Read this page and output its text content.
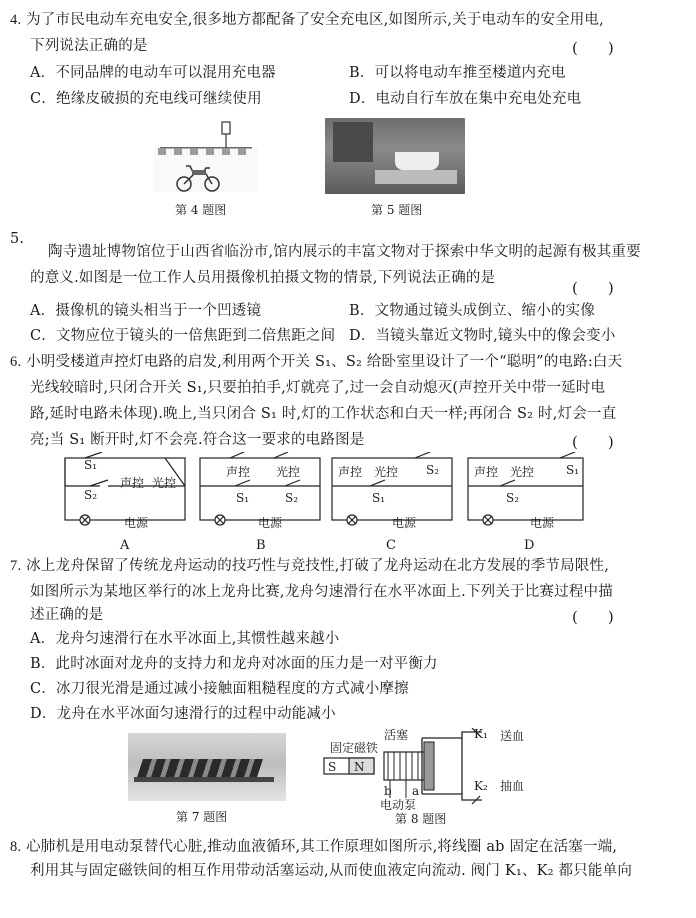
4. 为了市民电动车充电安全,很多地方都配备了安全充电区,如图所示,关于电动车的安全用电,
下列说法正确的是	(　　)
A．不同品牌的电动车可以混用充电器	B．可以将电动车推至楼道内充电
C．绝缘皮破损的充电线可继续使用	D．电动自行车放在集中充电处充电
第 4 题图	第 5 题图
5.
陶寺遗址博物馆位于山西省临汾市,馆内展示的丰富文物对于探索中华文明的起源有极其重要
的意义.如图是一位工作人员用摄像机拍摄文物的情景,下列说法正确的是
(　　)
A．摄像机的镜头相当于一个凹透镜	B．文物通过镜头成倒立、缩小的实像
C．文物应位于镜头的一倍焦距到二倍焦距之间 D．当镜头靠近文物时,镜头中的像会变小
6. 小明受楼道声控灯电路的启发,利用两个开关 S₁、S₂ 给卧室里设计了一个“聪明”的电路:白天
光线较暗时,只闭合开关 S₁,只要拍拍手,灯就亮了,过一会自动熄灭(声控开关中带一延时电
路,延时电路未体现).晚上,当只闭合 S₁ 时,灯的工作状态和白天一样;再闭合 S₂ 时,灯会一直
亮;当 S₁ 断开时,灯不会亮.符合这一要求的电路图是	(　　)
S₁
S₂
声控 光控
电源
声控 光控
S₁	S₂
电源
声控 光控 S₂
S₁
电源
声控 光控	S₁
S₂
电源
A	B	C	D
7. 冰上龙舟保留了传统龙舟运动的技巧性与竞技性,打破了龙舟运动在北方发展的季节局限性,
如图所示为某地区举行的冰上龙舟比赛,龙舟匀速滑行在水平冰面上.下列关于比赛过程中描
述正确的是	(　　)
A．龙舟匀速滑行在水平冰面上,其惯性越来越小
B．此时冰面对龙舟的支持力和龙舟对冰面的压力是一对平衡力
C．冰刀很光滑是通过减小接触面粗糙程度的方式减小摩擦
D．龙舟在水平冰面匀速滑行的过程中动能减小
第 7 题图
固定磁铁
活塞	K₁ 送血
K₂ 抽血
S N
b a
电动泵
第 8 题图
8. 心肺机是用电动泵替代心脏,推动血液循环,其工作原理如图所示,将线圈 ab 固定在活塞一端,
利用其与固定磁铁间的相互作用带动活塞运动,从而使血液定向流动. 阀门 K₁、K₂ 都只能单向
